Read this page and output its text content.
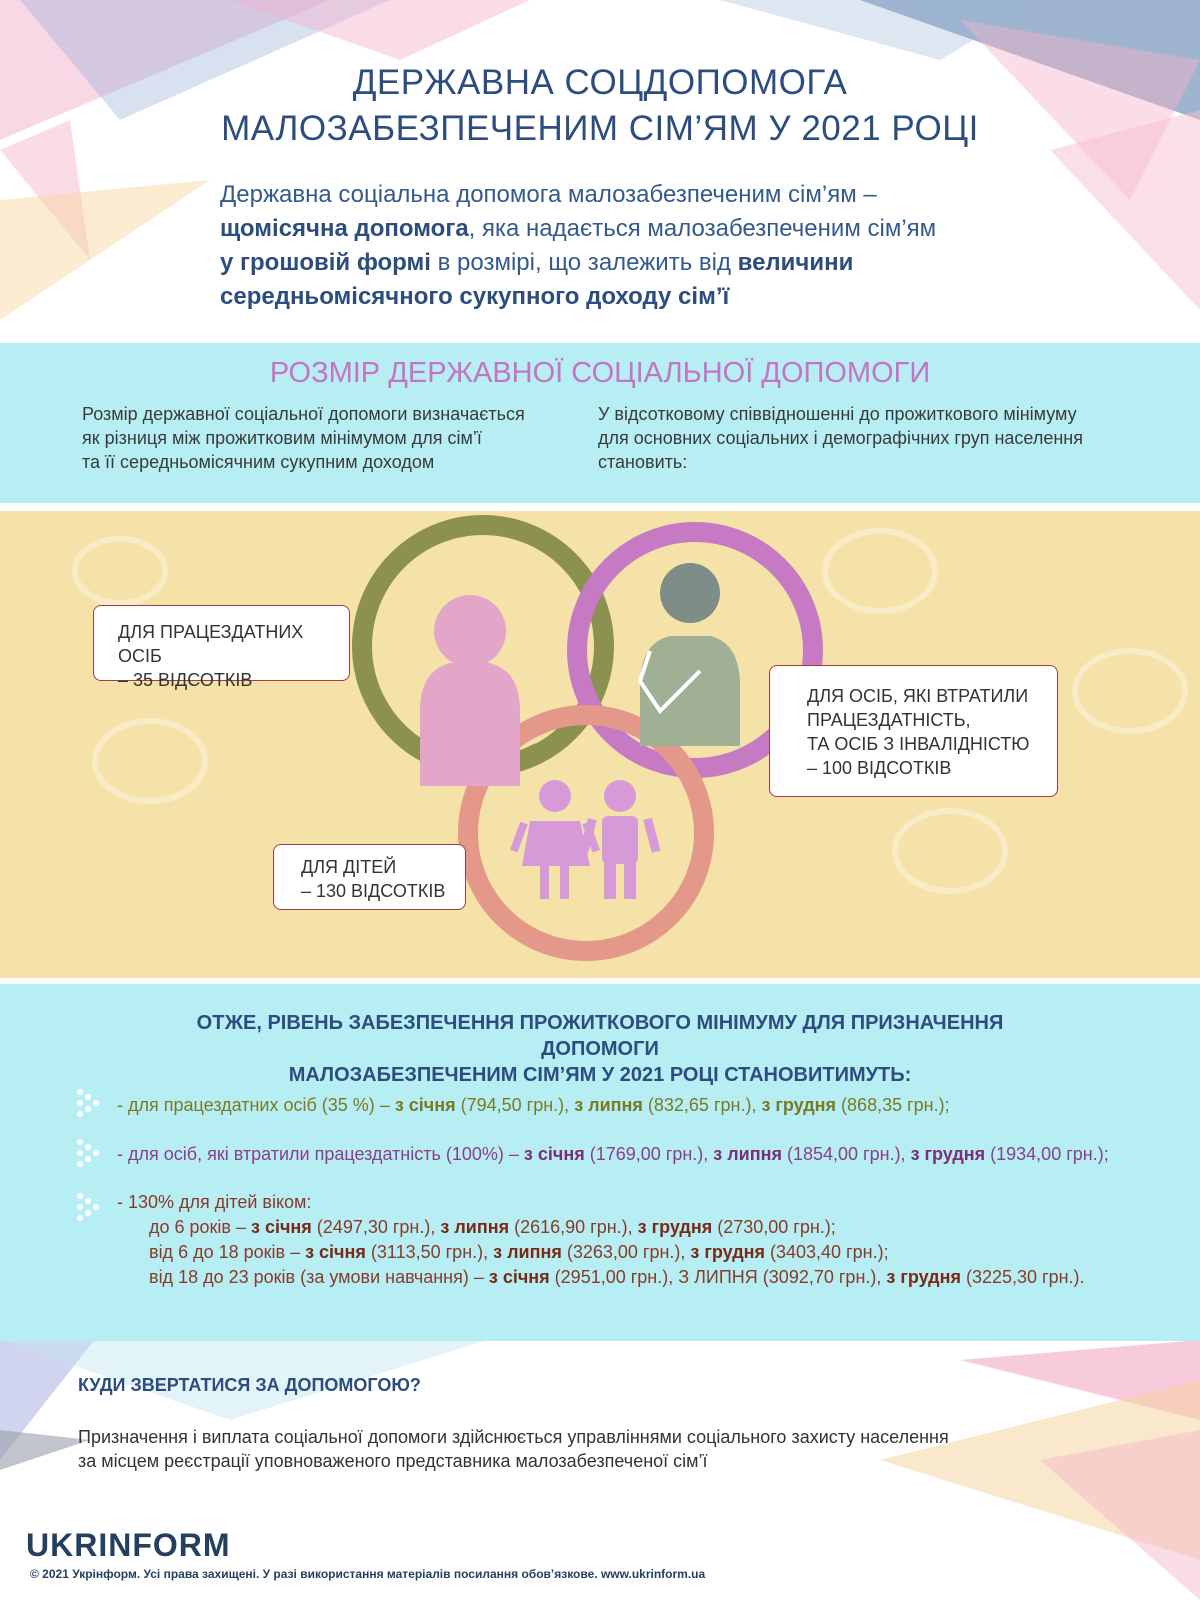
ДЕРЖАВНА СОЦДОПОМОГА
МАЛОЗАБЕЗПЕЧЕНИМ СІМ’ЯМ У 2021 РОЦІ
Державна соціальна допомога малозабезпеченим сім’ям –
щомісячна допомога, яка надається малозабезпеченим сім’ям
у грошовій формі в розмірі, що залежить від величини
середньомісячного сукупного доходу сім’ї
РОЗМІР ДЕРЖАВНОЇ СОЦІАЛЬНОЇ ДОПОМОГИ
Розмір державної соціальної допомоги визначається
як різниця між прожитковим мінімумом для сім’ї
та її середньомісячним сукупним доходом
У відсотковому співвідношенні до прожиткового мінімуму
для основних соціальних і демографічних груп населення
становить:
ДЛЯ ПРАЦЕЗДАТНИХ ОСІБ
– 35 ВІДСОТКІВ
ДЛЯ ОСІБ, ЯКІ ВТРАТИЛИ
ПРАЦЕЗДАТНІСТЬ,
ТА ОСІБ З ІНВАЛІДНІСТЮ
– 100 ВІДСОТКІВ
ДЛЯ ДІТЕЙ
– 130 ВІДСОТКІВ
ОТЖЕ, РІВЕНЬ ЗАБЕЗПЕЧЕННЯ ПРОЖИТКОВОГО МІНІМУМУ ДЛЯ ПРИЗНАЧЕННЯ ДОПОМОГИ
МАЛОЗАБЕЗПЕЧЕНИМ СІМ’ЯМ У 2021 РОЦІ СТАНОВИТИМУТЬ:
- для працездатних осіб (35 %) – з січня (794,50 грн.), з липня (832,65 грн.), з грудня (868,35 грн.);
- для осіб, які втратили працездатність (100%) – з січня (1769,00 грн.), з липня (1854,00 грн.), з грудня (1934,00 грн.);
- 130% для дітей віком:
до 6 років – з січня (2497,30 грн.), з липня (2616,90 грн.), з грудня (2730,00 грн.);
від 6 до 18 років – з січня (3113,50 грн.), з липня (3263,00 грн.), з грудня (3403,40 грн.);
від 18 до 23 років (за умови навчання) – з січня (2951,00 грн.), З ЛИПНЯ (3092,70 грн.), з грудня (3225,30 грн.).
КУДИ ЗВЕРТАТИСЯ ЗА ДОПОМОГОЮ?
Призначення і виплата соціальної допомоги здійснюється управліннями соціального захисту населення
за місцем реєстрації уповноваженого представника малозабезпеченої сім’ї
UKRINFORM
© 2021 Укрінформ. Усі права захищені. У разі використання матеріалів посилання обов’язкове. www.ukrinform.ua
